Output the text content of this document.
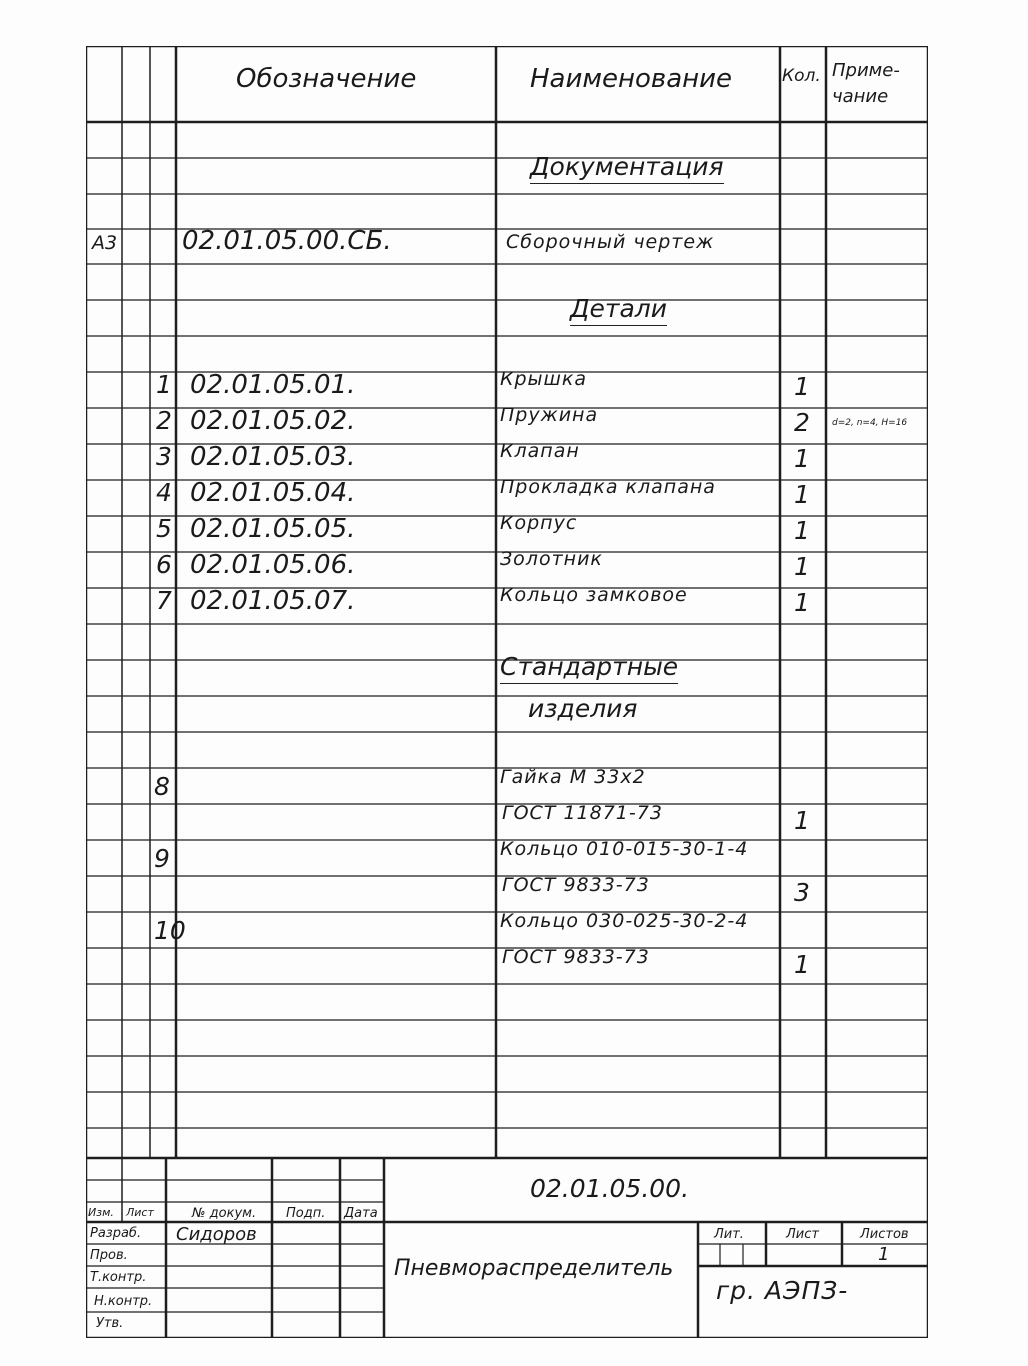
Обозначение	Наименование	Кол. Приме-
чание
Документация
А3 02.01.05.00.СБ.	Сборочный чертеж
Детали
1 02.01.05.01.	Крышка	1
2 02.01.05.02.	Пружина	2 d=2, n=4, H=16
3 02.01.05.03.	Клапан	1
4 02.01.05.04.	Прокладка клапана	1
5 02.01.05.05.	Корпус	1
6 02.01.05.06.	Золотник	1
7 02.01.05.07.	Кольцо замковое	1
Стандартные
изделия
8	Гайка М 33х2
ГОСТ 11871-73	1
9	Кольцо 010-015-30-1-4
ГОСТ 9833-73	3
10	Кольцо 030-025-30-2-4
ГОСТ 9833-73	1
02.01.05.00.
Изм. Лист	№ докум. Подп. Дата
Разраб. Сидоров
Пров.
Т.контр.
Н.контр.
Утв.
Пневмораспределитель
Лит.	Лист	Листов
1
гр. АЭПЗ-
